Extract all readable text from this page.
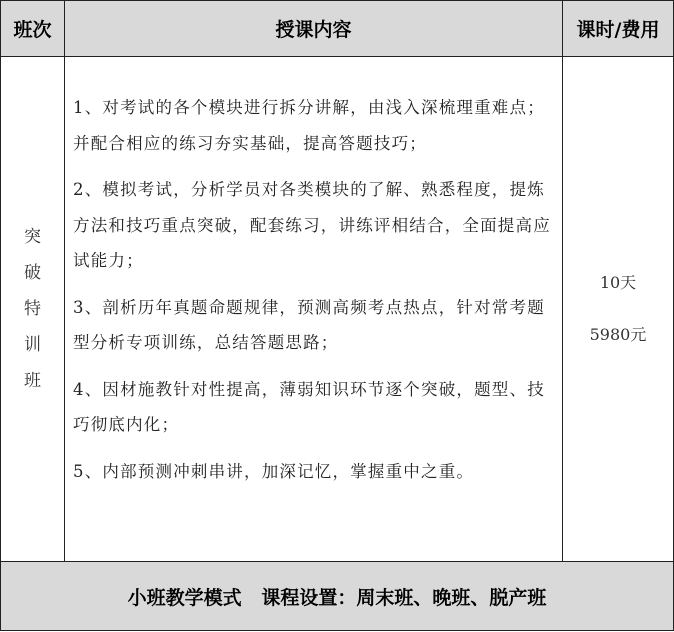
班次	授课内容	课时/费用
突
破
特
训
班

1、对考试的各个模块进行拆分讲解，由浅入深梳理重难点；并配合相应的练习夯实基础，提高答题技巧；

2、模拟考试，分析学员对各类模块的了解、熟悉程度，提炼方法和技巧重点突破，配套练习，讲练评相结合，全面提高应试能力；

3、剖析历年真题命题规律，预测高频考点热点，针对常考题型分析专项训练，总结答题思路；

4、因材施教针对性提高，薄弱知识环节逐个突破，题型、技巧彻底内化；

5、内部预测冲刺串讲，加深记忆，掌握重中之重。

10天
5980元
小班教学模式   课程设置：周末班、晚班、脱产班
